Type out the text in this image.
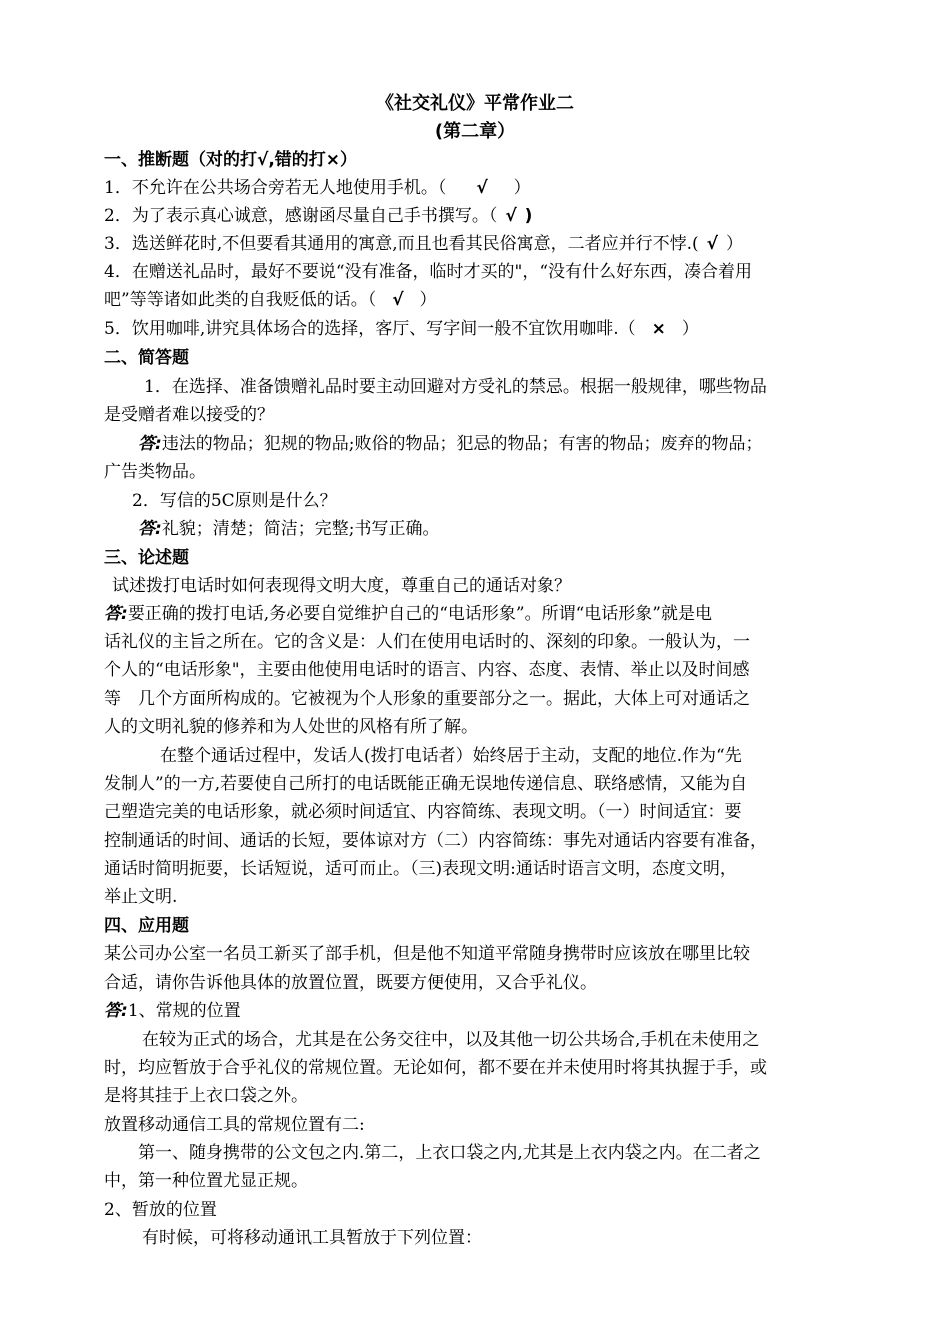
《社交礼仪》平常作业二
(第二章）
一、推断题（对的打√,错的打×）
1．不允许在公共场合旁若无人地使用手机。（ √ ）
2．为了表示真心诚意，感谢函尽量自己手书撰写。（ √ )
3．选送鲜花时,不但要看其通用的寓意,而且也看其民俗寓意，二者应并行不悖.( √ ）
4．在赠送礼品时，最好不要说“没有准备，临时才买的"，“没有什么好东西，凑合着用
吧”等等诸如此类的自我贬低的话。（ √ ）
5．饮用咖啡,讲究具体场合的选择，客厅、写字间一般不宜饮用咖啡.（ × ）
二、简答题
1．在选择、准备馈赠礼品时要主动回避对方受礼的禁忌。根据一般规律，哪些物品
是受赠者难以接受的？
答:违法的物品；犯规的物品;败俗的物品；犯忌的物品；有害的物品；废弃的物品；
广告类物品。
2．写信的5C原则是什么？
答:礼貌；清楚；简洁；完整;书写正确。
三、论述题
试述拨打电话时如何表现得文明大度，尊重自己的通话对象？
答:要正确的拨打电话,务必要自觉维护自己的“电话形象”。所谓“电话形象”就是电
话礼仪的主旨之所在。它的含义是：人们在使用电话时的、深刻的印象。一般认为，一
个人的“电话形象"，主要由他使用电话时的语言、内容、态度、表情、举止以及时间感
等　几个方面所构成的。它被视为个人形象的重要部分之一。据此，大体上可对通话之
人的文明礼貌的修养和为人处世的风格有所了解。
在整个通话过程中，发话人(拨打电话者）始终居于主动，支配的地位.作为“先
发制人”的一方,若要使自己所打的电话既能正确无误地传递信息、联络感情，又能为自
己塑造完美的电话形象，就必须时间适宜、内容简练、表现文明。（一）时间适宜：要
控制通话的时间、通话的长短，要体谅对方（二）内容简练：事先对通话内容要有准备，
通话时简明扼要，长话短说，适可而止。（三)表现文明:通话时语言文明，态度文明，
举止文明.
四、应用题
某公司办公室一名员工新买了部手机，但是他不知道平常随身携带时应该放在哪里比较
合适，请你告诉他具体的放置位置，既要方便使用，又合乎礼仪。
答:1、常规的位置
在较为正式的场合，尤其是在公务交往中，以及其他一切公共场合,手机在未使用之
时，均应暂放于合乎礼仪的常规位置。无论如何，都不要在并未使用时将其执握于手，或
是将其挂于上衣口袋之外。
放置移动通信工具的常规位置有二:
第一、随身携带的公文包之内.第二，上衣口袋之内,尤其是上衣内袋之内。在二者之
中，第一种位置尤显正规。
2、暂放的位置
有时候，可将移动通讯工具暂放于下列位置：
